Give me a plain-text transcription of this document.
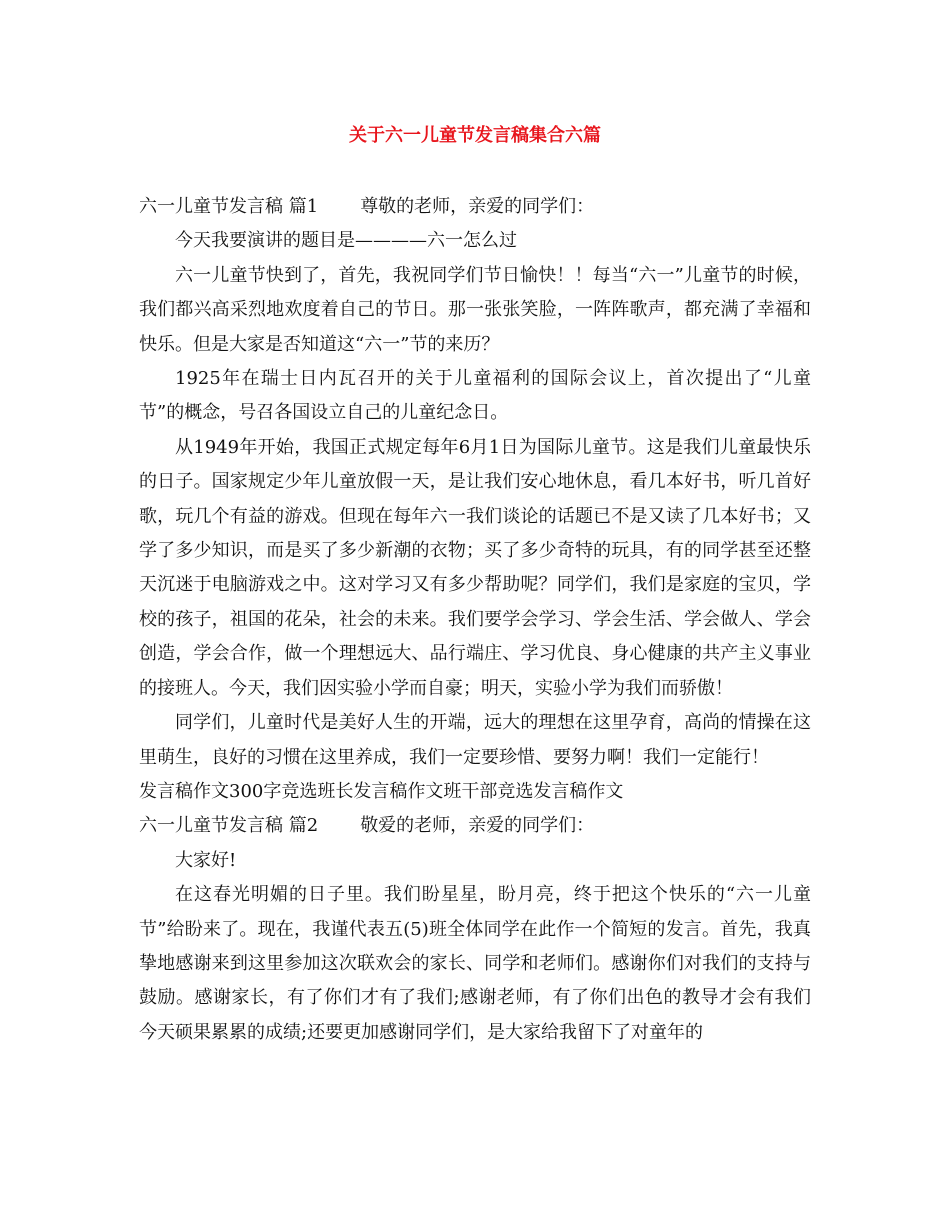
关于六一儿童节发言稿集合六篇

六一儿童节发言稿 篇1 尊敬的老师，亲爱的同学们：

今天我要演讲的题目是————六一怎么过

六一儿童节快到了，首先，我祝同学们节日愉快！！每当“六一”儿童节的时候，我们都兴高采烈地欢度着自己的节日。那一张张笑脸，一阵阵歌声，都充满了幸福和快乐。但是大家是否知道这“六一”节的来历？

1925年在瑞士日内瓦召开的关于儿童福利的国际会议上，首次提出了“儿童节”的概念，号召各国设立自己的儿童纪念日。

从1949年开始，我国正式规定每年6月1日为国际儿童节。这是我们儿童最快乐的日子。国家规定少年儿童放假一天，是让我们安心地休息，看几本好书，听几首好歌，玩几个有益的游戏。但现在每年六一我们谈论的话题已不是又读了几本好书；又学了多少知识，而是买了多少新潮的衣物；买了多少奇特的玩具，有的同学甚至还整天沉迷于电脑游戏之中。这对学习又有多少帮助呢？同学们，我们是家庭的宝贝，学校的孩子，祖国的花朵，社会的未来。我们要学会学习、学会生活、学会做人、学会创造，学会合作，做一个理想远大、品行端庄、学习优良、身心健康的共产主义事业的接班人。今天，我们因实验小学而自豪；明天，实验小学为我们而骄傲！

同学们，儿童时代是美好人生的开端，远大的理想在这里孕育，高尚的情操在这里萌生，良好的习惯在这里养成，我们一定要珍惜、要努力啊！我们一定能行！

发言稿作文300字竞选班长发言稿作文班干部竞选发言稿作文

六一儿童节发言稿 篇2 敬爱的老师，亲爱的同学们：

大家好!

在这春光明媚的日子里。我们盼星星，盼月亮，终于把这个快乐的“六一儿童节”给盼来了。现在，我谨代表五(5)班全体同学在此作一个简短的发言。首先，我真挚地感谢来到这里参加这次联欢会的家长、同学和老师们。感谢你们对我们的支持与鼓励。感谢家长，有了你们才有了我们;感谢老师，有了你们出色的教导才会有我们今天硕果累累的成绩;还要更加感谢同学们，是大家给我留下了对童年的
